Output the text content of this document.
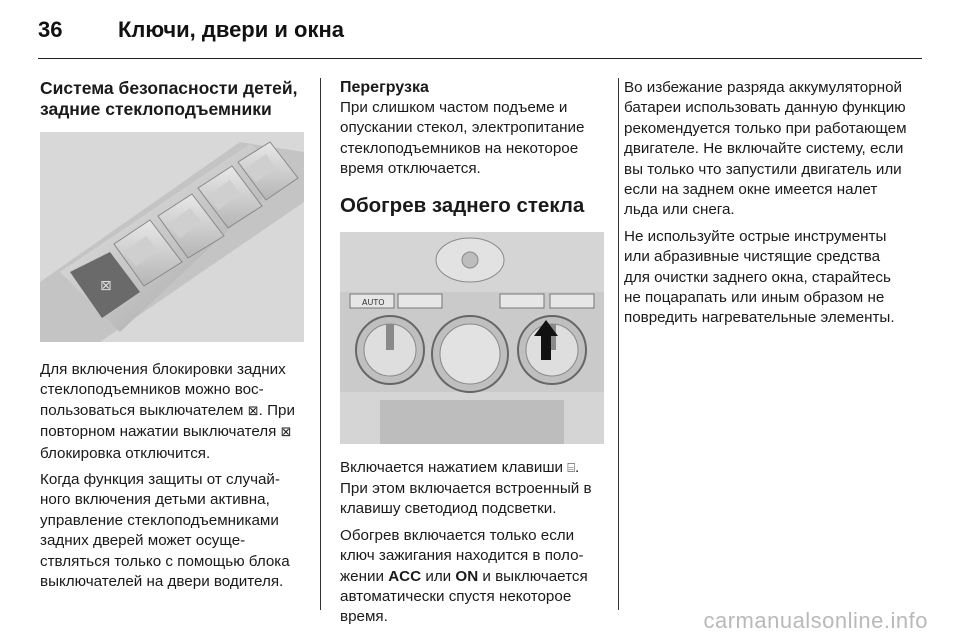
36	Ключи, двери и окна
Система безопасности детей, задние стеклоподъемники
⊠

Для включения блокировки задних стеклоподъемников можно воспользоваться выключателем ⊠. При повторном нажатии выключателя ⊠ блокировка отключится.

Когда функция защиты от случайного включения детьми активна, управление стеклоподъемниками задних дверей может осуществляться только с помощью блока выключателей на двери водителя.

Перегрузка

При слишком частом подъеме и опускании стекол, электропитание стеклоподъемников на некоторое время отключается.

Обогрев заднего стекла
AUTO

Включается нажатием клавиши ⌸. При этом включается встроенный в клавишу светодиод подсветки.

Обогрев включается только если ключ зажигания находится в положении ACC или ON и выключается автоматически спустя некоторое время.

Во избежание разряда аккумуляторной батареи использовать данную функцию рекомендуется только при работающем двигателе. Не включайте систему, если вы только что запустили двигатель или если на заднем окне имеется налет льда или снега.

Не используйте острые инструменты или абразивные чистящие средства для очистки заднего окна, старайтесь не поцарапать или иным образом не повредить нагревательные элементы.

carmanualsonline.info
